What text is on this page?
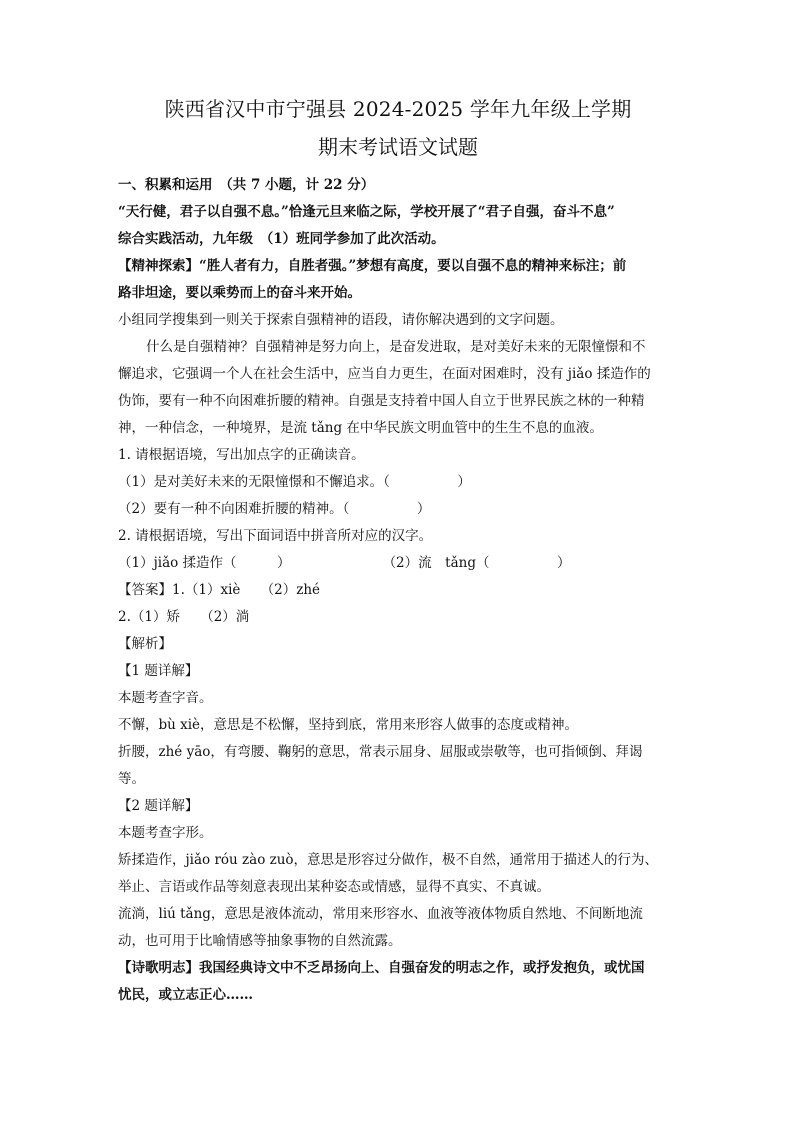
陕西省汉中市宁强县 2024-2025 学年九年级上学期
期末考试语文试题

一、积累和运用　（共 7 小题，计 22 分）

“天行健，君子以自强不息。”恰逢元旦来临之际，学校开展了“君子自强，奋斗不息”

综合实践活动，九年级　（1）班同学参加了此次活动。

【精神探索】“胜人者有力，自胜者强。”梦想有高度，要以自强不息的精神来标注；前

路非坦途，要以乘势而上的奋斗来开始。

小组同学搜集到一则关于探索自强精神的语段，请你解决遇到的文字问题。

什么是自强精神？自强精神是努力向上，是奋发进取，是对美好未来的无限憧憬和不

懈追求，它强调一个人在社会生活中，应当自力更生，在面对困难时，没有 jiǎo 揉造作的

伪饰，要有一种不向困难折腰的精神。自强是支持着中国人自立于世界民族之林的一种精

神，一种信念，一种境界，是流 tǎng 在中华民族文明血管中的生生不息的血液。

1. 请根据语境，写出加点字的正确读音。

（1）是对美好未来的无限憧憬和不懈追求。（　　　　　）

（2）要有一种不向困难折腰的精神。（　　　　　）

2. 请根据语境，写出下面词语中拼音所对应的汉字。

（1）jiǎo 揉造作（　　　）	（2）流　tǎng（　　　　　）

【答案】1.（1）xiè　　（2）zhé

2.（1）矫　　（2）淌

【解析】

【1 题详解】

本题考查字音。

不懈，bù xiè，意思是不松懈，坚持到底，常用来形容人做事的态度或精神。

折腰，zhé yāo，有弯腰、鞠躬的意思，常表示屈身、屈服或崇敬等，也可指倾倒、拜谒

等。

【2 题详解】

本题考查字形。

矫揉造作，jiǎo róu zào zuò，意思是形容过分做作，极不自然，通常用于描述人的行为、

举止、言语或作品等刻意表现出某种姿态或情感，显得不真实、不真诚。

流淌，liú tǎng，意思是液体流动，常用来形容水、血液等液体物质自然地、不间断地流

动，也可用于比喻情感等抽象事物的自然流露。

【诗歌明志】我国经典诗文中不乏昂扬向上、自强奋发的明志之作，或抒发抱负，或忧国

忧民，或立志正心……
